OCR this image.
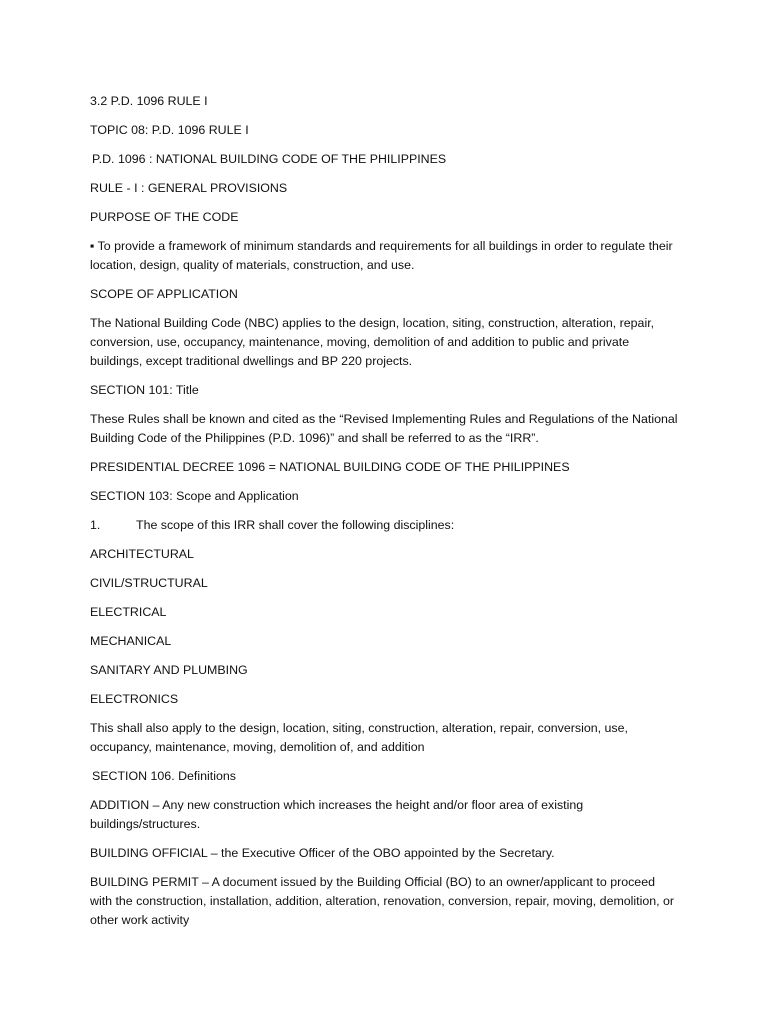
3.2 P.D. 1096 RULE I

TOPIC 08: P.D. 1096 RULE I

P.D. 1096 : NATIONAL BUILDING CODE OF THE PHILIPPINES

RULE - I : GENERAL PROVISIONS

PURPOSE OF THE CODE

▪ To provide a framework of minimum standards and requirements for all buildings in order to regulate their location, design, quality of materials, construction, and use.

SCOPE OF APPLICATION

The National Building Code (NBC) applies to the design, location, siting, construction, alteration, repair, conversion, use, occupancy, maintenance, moving, demolition of and addition to public and private buildings, except traditional dwellings and BP 220 projects.

SECTION 101: Title

These Rules shall be known and cited as the “Revised Implementing Rules and Regulations of the National Building Code of the Philippines (P.D. 1096)” and shall be referred to as the “IRR”.

PRESIDENTIAL DECREE 1096 = NATIONAL BUILDING CODE OF THE PHILIPPINES

SECTION 103: Scope and Application

1.	The scope of this IRR shall cover the following disciplines:

ARCHITECTURAL

CIVIL/STRUCTURAL

ELECTRICAL

MECHANICAL

SANITARY AND PLUMBING

ELECTRONICS

This shall also apply to the design, location, siting, construction, alteration, repair, conversion, use, occupancy, maintenance, moving, demolition of, and addition

SECTION 106. Definitions

ADDITION – Any new construction which increases the height and/or floor area of existing buildings/structures.

BUILDING OFFICIAL – the Executive Officer of the OBO appointed by the Secretary.

BUILDING PERMIT – A document issued by the Building Official (BO) to an owner/applicant to proceed with the construction, installation, addition, alteration, renovation, conversion, repair, moving, demolition, or other work activity
